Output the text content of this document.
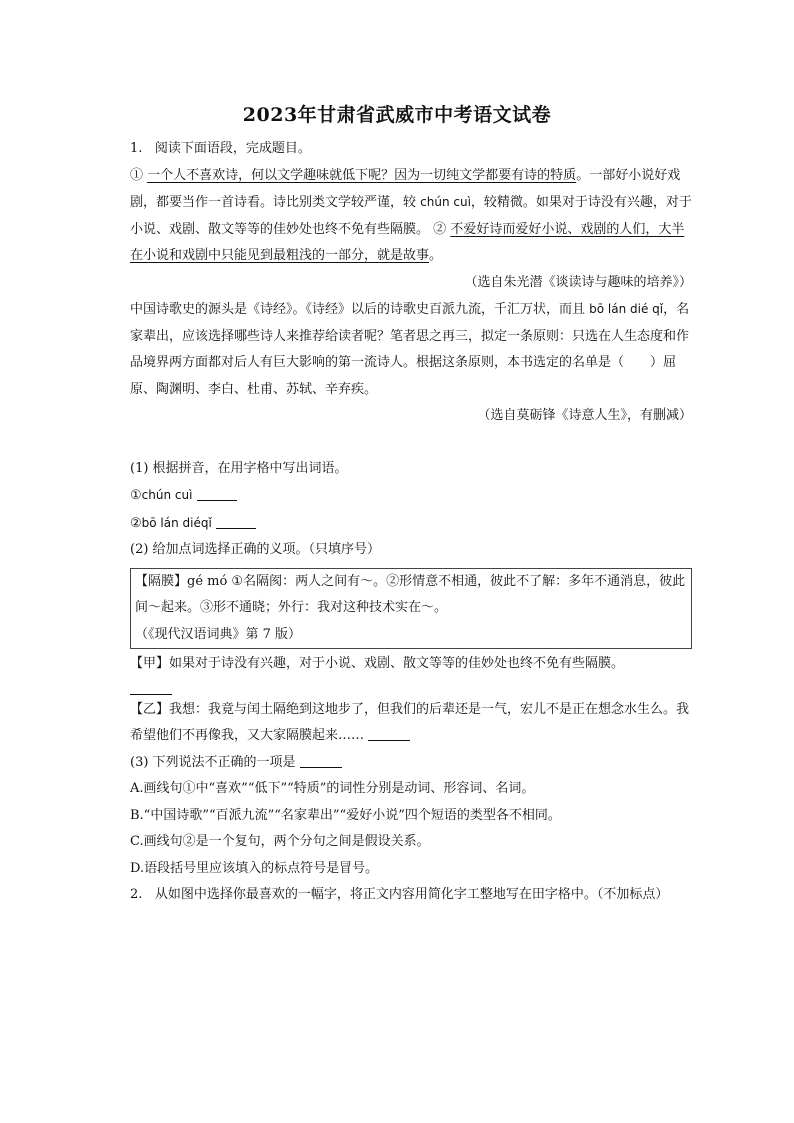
2023年甘肃省武威市中考语文试卷

1. 阅读下面语段，完成题目。

① 一个人不喜欢诗，何以文学趣味就低下呢？因为一切纯文学都要有诗的特质。一部好小说好戏剧，都要当作一首诗看。诗比别类文学较严谨，较 chún cuì，较精微。如果对于诗没有兴趣，对于小说、戏剧、散文等等的佳妙处也终不免有些隔膜。 ② 不爱好诗而爱好小说、戏剧的人们，大半在小说和戏剧中只能见到最粗浅的一部分，就是故事。

（选自朱光潜《谈读诗与趣味的培养》）

中国诗歌史的源头是《诗经》。《诗经》以后的诗歌史百派九流，千汇万状，而且 bō lán dié qǐ，名家辈出，应该选择哪些诗人来推荐给读者呢？笔者思之再三，拟定一条原则：只选在人生态度和作品境界两方面都对后人有巨大影响的第一流诗人。根据这条原则，本书选定的名单是（　　）屈原、陶渊明、李白、杜甫、苏轼、辛弃疾。

（选自莫砺锋《诗意人生》，有删减）

(1) 根据拼音，在用字格中写出词语。

①chún cuì

②bō lán diéqǐ

(2) 给加点词选择正确的义项。（只填序号）

【隔膜】gé mó ①名隔阂：两人之间有～。②形情意不相通，彼此不了解：多年不通消息，彼此间～起来。③形不通晓；外行：我对这种技术实在～。

（《现代汉语词典》第 7 版）

【甲】如果对于诗没有兴趣，对于小说、戏剧、散文等等的佳妙处也终不免有些隔膜。

【乙】我想：我竟与闰土隔绝到这地步了，但我们的后辈还是一气，宏儿不是正在想念水生么。我希望他们不再像我，又大家隔膜起来……

(3) 下列说法不正确的一项是

A.画线句①中“喜欢”“低下”“特质”的词性分别是动词、形容词、名词。

B.“中国诗歌”“百派九流”“名家辈出”“爱好小说”四个短语的类型各不相同。

C.画线句②是一个复句，两个分句之间是假设关系。

D.语段括号里应该填入的标点符号是冒号。

2. 从如图中选择你最喜欢的一幅字，将正文内容用简化字工整地写在田字格中。（不加标点）
